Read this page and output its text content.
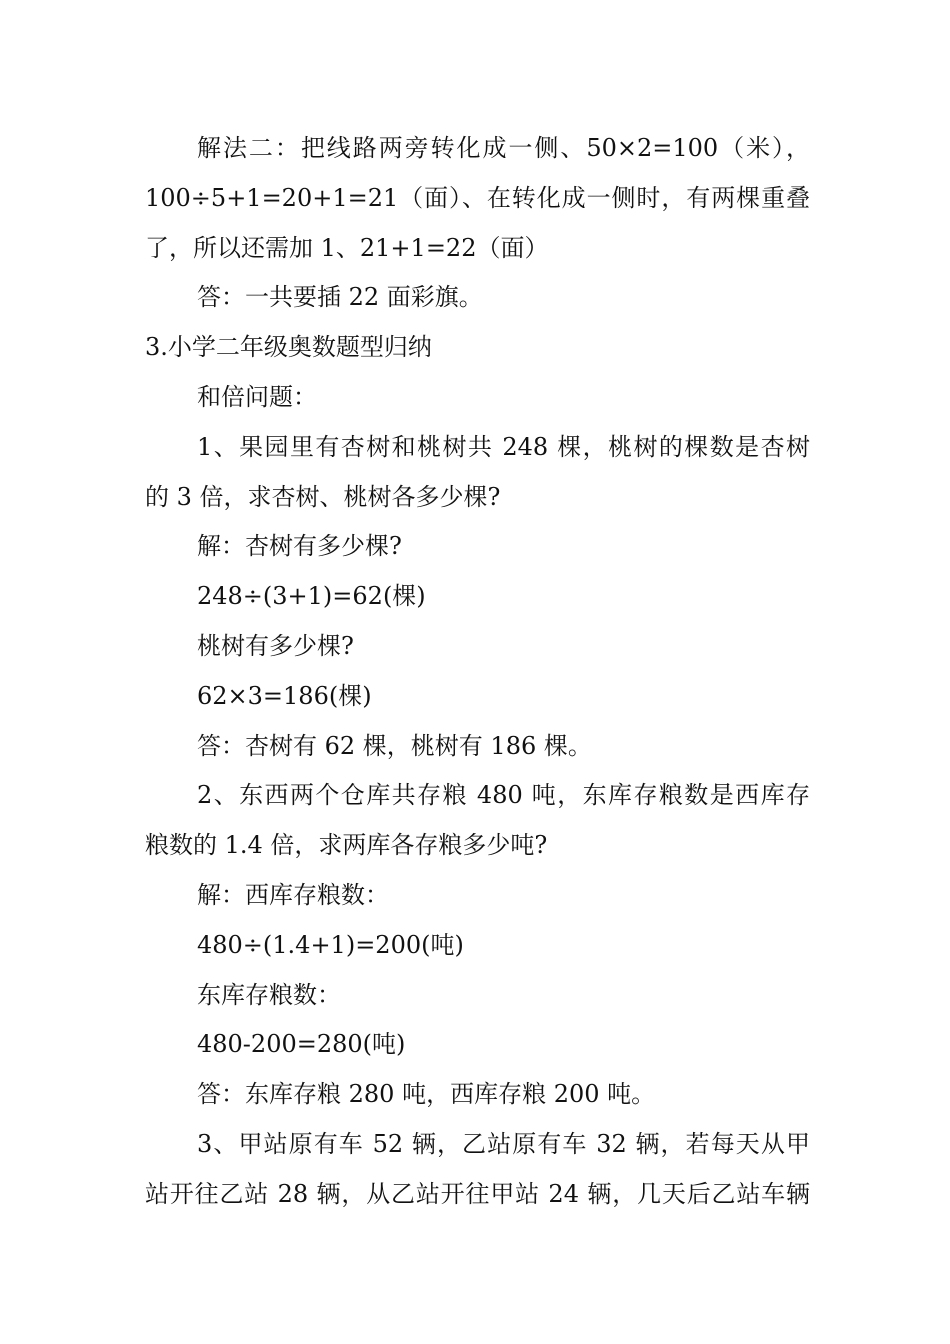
解法二：把线路两旁转化成一侧、50×2=100（米），
100÷5+1=20+1=21（面）、在转化成一侧时，有两棵重叠
了，所以还需加 1、21+1=22（面）
答：一共要插 22 面彩旗。
3.小学二年级奥数题型归纳
和倍问题：
1、果园里有杏树和桃树共 248 棵，桃树的棵数是杏树
的 3 倍，求杏树、桃树各多少棵?
解：杏树有多少棵?
248÷(3+1)=62(棵)
桃树有多少棵?
62×3=186(棵)
答：杏树有 62 棵，桃树有 186 棵。
2、东西两个仓库共存粮 480 吨，东库存粮数是西库存
粮数的 1.4 倍，求两库各存粮多少吨?
解：西库存粮数：
480÷(1.4+1)=200(吨)
东库存粮数：
480-200=280(吨)
答：东库存粮 280 吨，西库存粮 200 吨。
3、甲站原有车 52 辆，乙站原有车 32 辆，若每天从甲
站开往乙站 28 辆，从乙站开往甲站 24 辆，几天后乙站车辆
